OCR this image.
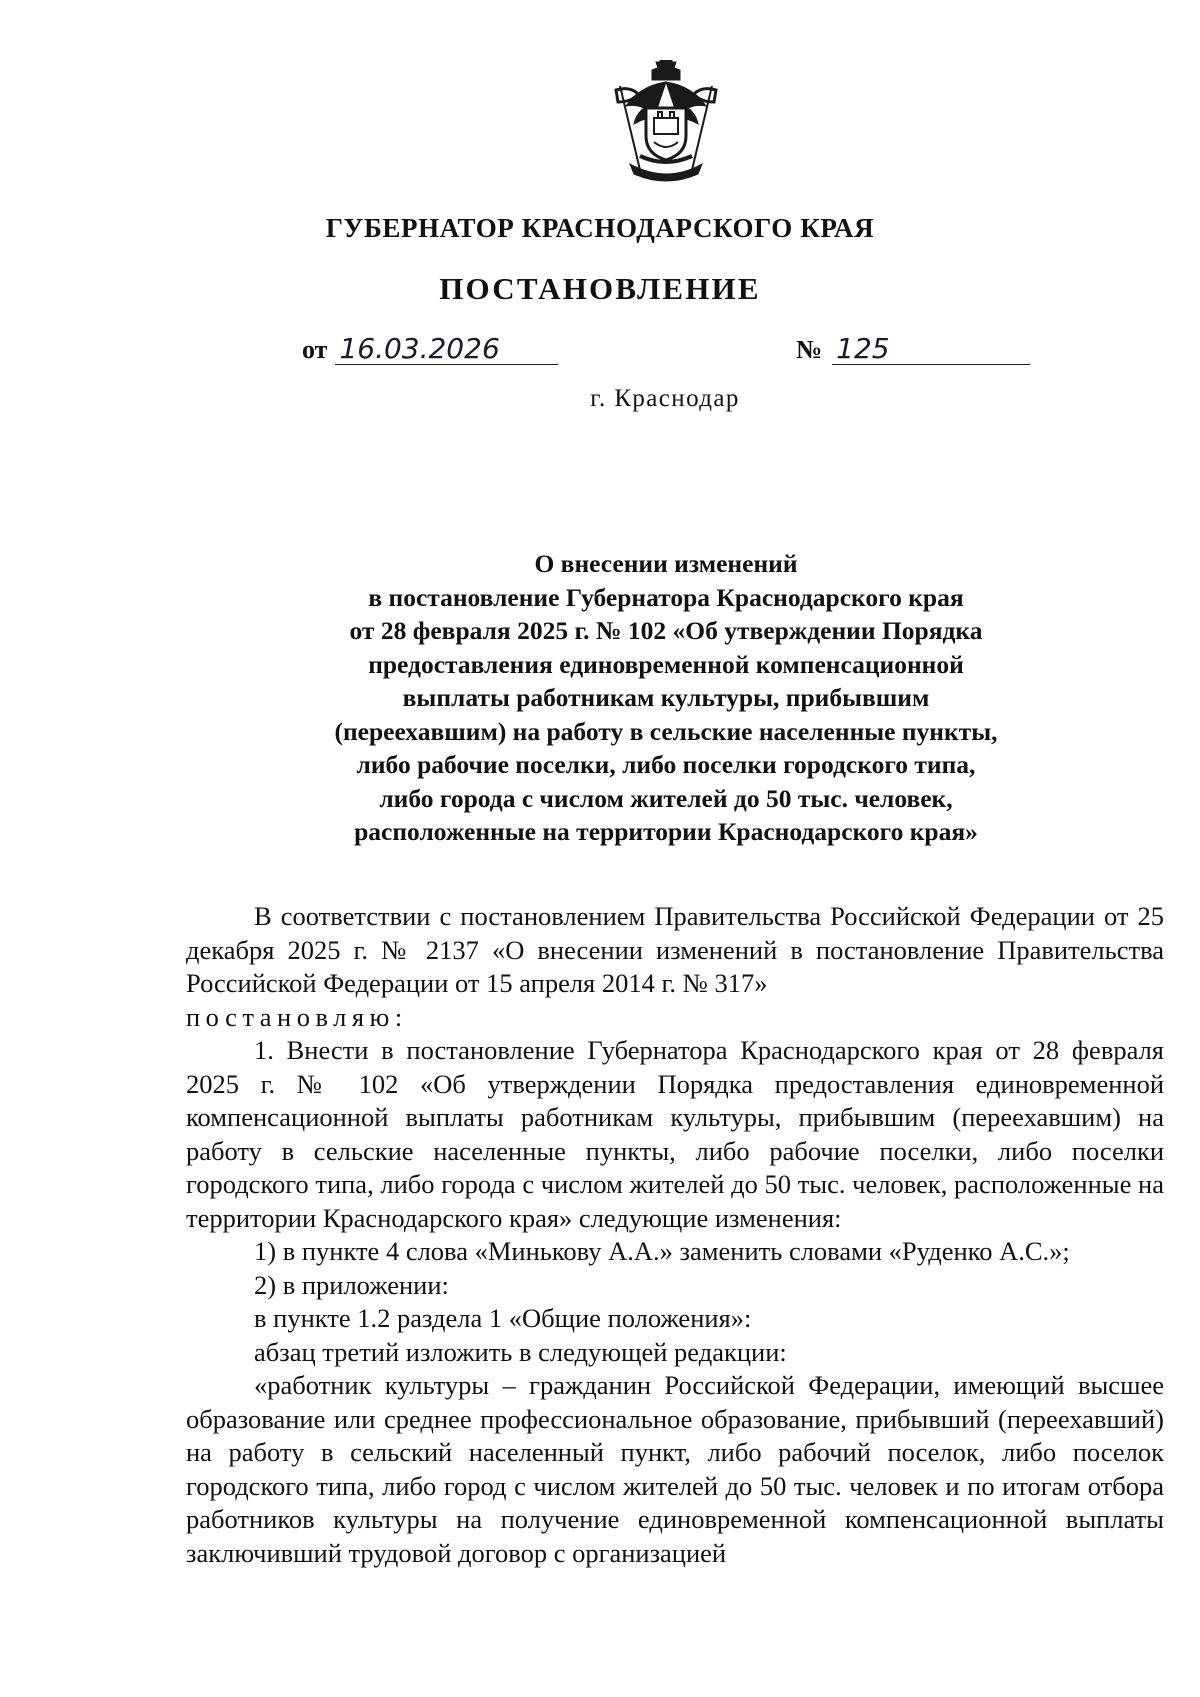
ГУБЕРНАТОР КРАСНОДАРСКОГО КРАЯ
ПОСТАНОВЛЕНИЕ
от 16.03.2026	№ 125
г. Краснодар
О внесении изменений
в постановление Губернатора Краснодарского края
от 28 февраля 2025 г. № 102 «Об утверждении Порядка
предоставления единовременной компенсационной
выплаты работникам культуры, прибывшим
(переехавшим) на работу в сельские населенные пункты,
либо рабочие поселки, либо поселки городского типа,
либо города с числом жителей до 50 тыс. человек,
расположенные на территории Краснодарского края»

В соответствии с постановлением Правительства Российской Федерации от 25 декабря 2025 г. № 2137 «О внесении изменений в постановление Правительства Российской Федерации от 15 апреля 2014 г. № 317»

постановляю:

1. Внести в постановление Губернатора Краснодарского края от 28 февраля 2025 г. № 102 «Об утверждении Порядка предоставления единовременной компенсационной выплаты работникам культуры, прибывшим (переехавшим) на работу в сельские населенные пункты, либо рабочие поселки, либо поселки городского типа, либо города с числом жителей до 50 тыс. человек, расположенные на территории Краснодарского края» следующие изменения:

1) в пункте 4 слова «Минькову А.А.» заменить словами «Руденко А.С.»;

2) в приложении:

в пункте 1.2 раздела 1 «Общие положения»:

абзац третий изложить в следующей редакции:

«работник культуры – гражданин Российской Федерации, имеющий высшее образование или среднее профессиональное образование, прибывший (переехавший) на работу в сельский населенный пункт, либо рабочий поселок, либо поселок городского типа, либо город с числом жителей до 50 тыс. человек и по итогам отбора работников культуры на получение единовременной компенсационной выплаты заключивший трудовой договор с организацией
